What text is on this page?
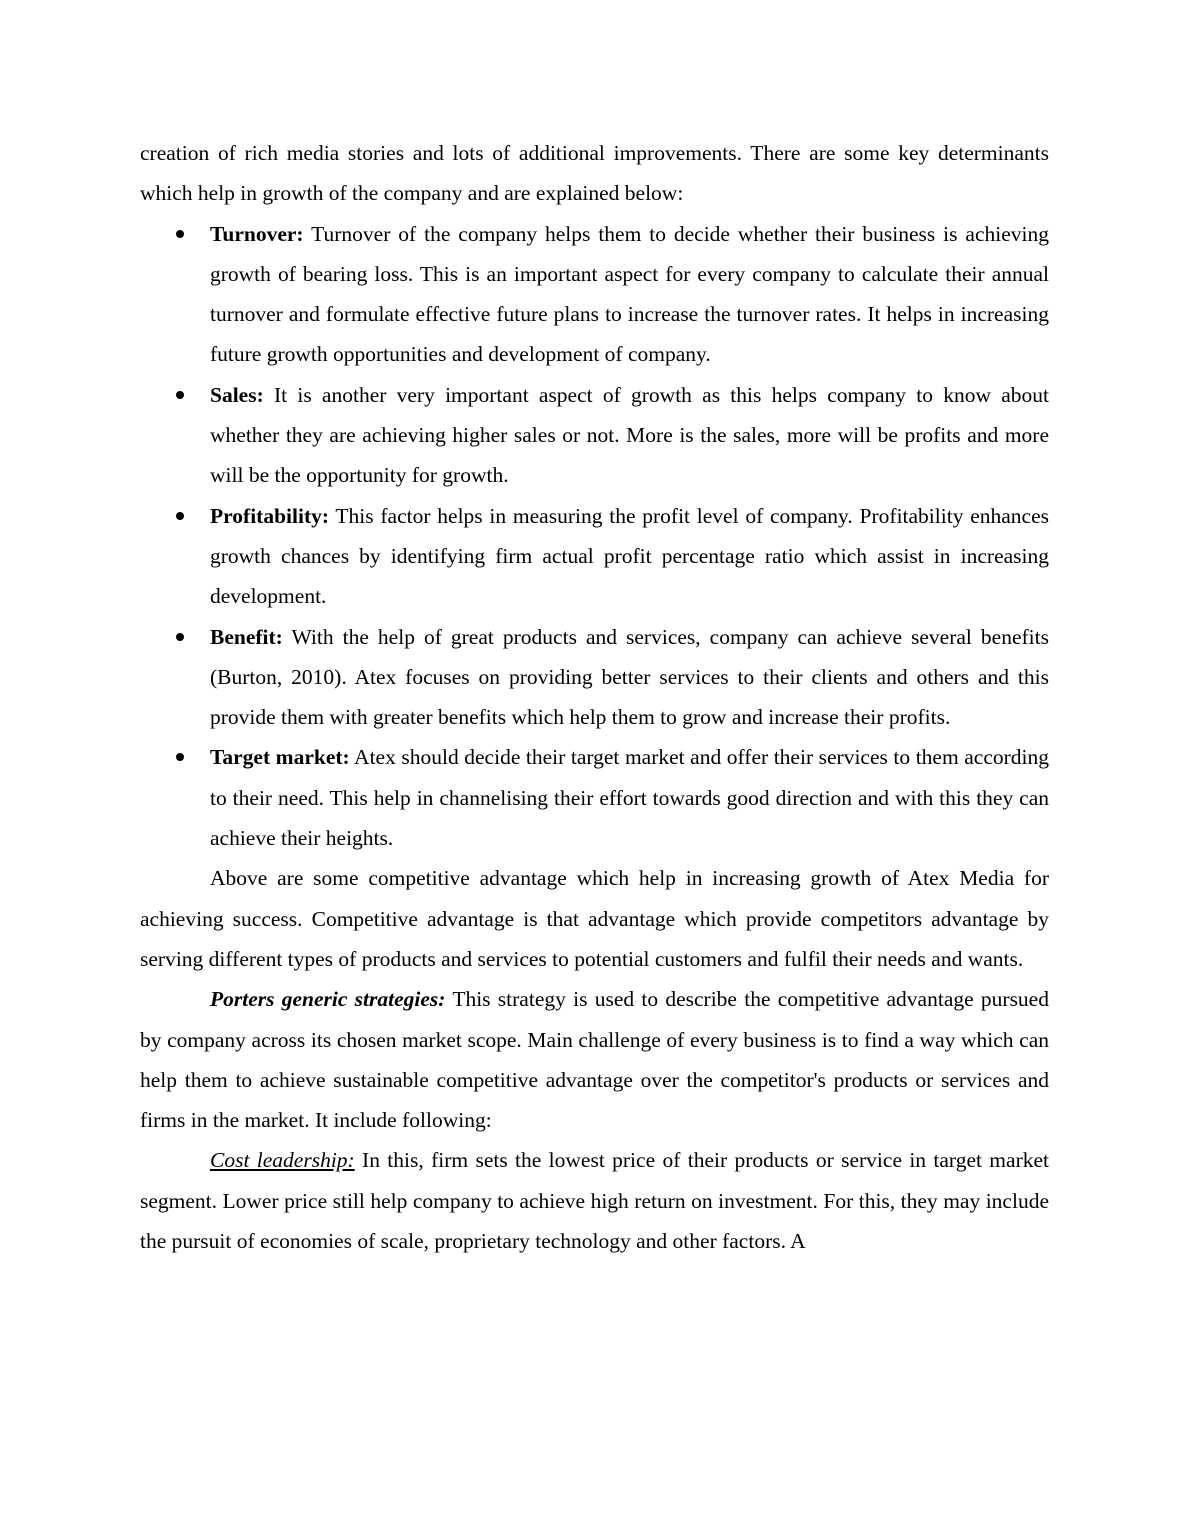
creation of rich media stories and lots of additional improvements. There are some key determinants which help in growth of the company and are explained below:

Turnover: Turnover of the company helps them to decide whether their business is achieving growth of bearing loss. This is an important aspect for every company to calculate their annual turnover and formulate effective future plans to increase the turnover rates. It helps in increasing future growth opportunities and development of company.
Sales: It is another very important aspect of growth as this helps company to know about whether they are achieving higher sales or not. More is the sales, more will be profits and more will be the opportunity for growth.
Profitability: This factor helps in measuring the profit level of company. Profitability enhances growth chances by identifying firm actual profit percentage ratio which assist in increasing development.
Benefit: With the help of great products and services, company can achieve several benefits (Burton, 2010). Atex focuses on providing better services to their clients and others and this provide them with greater benefits which help them to grow and increase their profits.
Target market: Atex should decide their target market and offer their services to them according to their need. This help in channelising their effort towards good direction and with this they can achieve their heights.

Above are some competitive advantage which help in increasing growth of Atex Media for achieving success. Competitive advantage is that advantage which provide competitors advantage by serving different types of products and services to potential customers and fulfil their needs and wants.

Porters generic strategies: This strategy is used to describe the competitive advantage pursued by company across its chosen market scope. Main challenge of every business is to find a way which can help them to achieve sustainable competitive advantage over the competitor's products or services and firms in the market. It include following:

Cost leadership: In this, firm sets the lowest price of their products or service in target market segment. Lower price still help company to achieve high return on investment. For this, they may include the pursuit of economies of scale, proprietary technology and other factors. A
